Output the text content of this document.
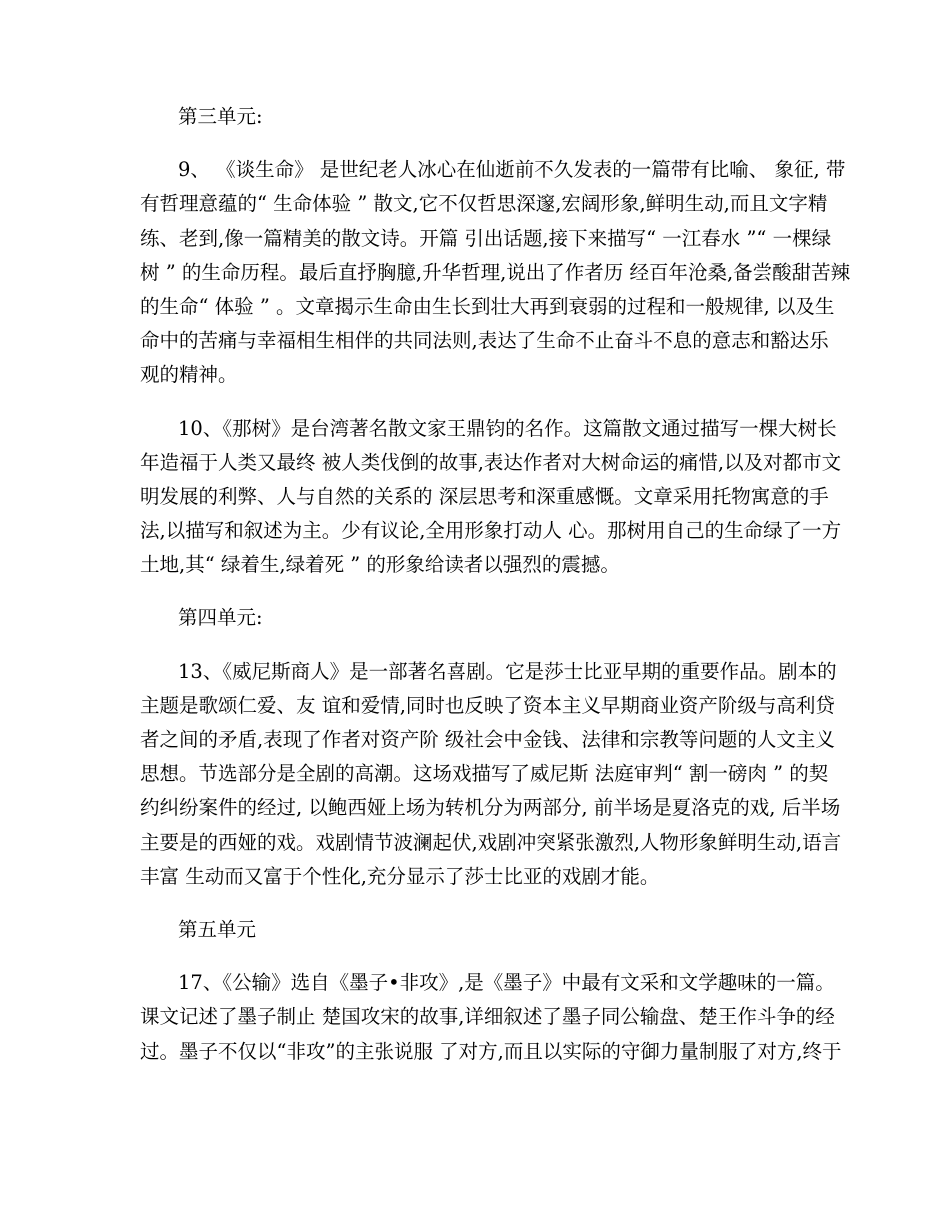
第三单元:
9、 《谈生命》 是世纪老人冰心在仙逝前不久发表的一篇带有比喻、 象征, 带
有哲理意蕴的“ 生命体验 ” 散文,它不仅哲思深邃,宏阔形象,鲜明生动,而且文字精
练、老到,像一篇精美的散文诗。开篇 引出话题,接下来描写“ 一江春水 ”“ 一棵绿
树 ” 的生命历程。最后直抒胸臆,升华哲理,说出了作者历 经百年沧桑,备尝酸甜苦辣
的生命“ 体验 ” 。文章揭示生命由生长到壮大再到衰弱的过程和一般规律, 以及生
命中的苦痛与幸福相生相伴的共同法则,表达了生命不止奋斗不息的意志和豁达乐
观的精神。
10、《那树》是台湾著名散文家王鼎钧的名作。这篇散文通过描写一棵大树长
年造福于人类又最终 被人类伐倒的故事,表达作者对大树命运的痛惜,以及对都市文
明发展的利弊、人与自然的关系的 深层思考和深重感慨。文章采用托物寓意的手
法,以描写和叙述为主。少有议论,全用形象打动人 心。那树用自己的生命绿了一方
土地,其“ 绿着生,绿着死 ” 的形象给读者以强烈的震撼。
第四单元:
13、《威尼斯商人》是一部著名喜剧。它是莎士比亚早期的重要作品。剧本的
主题是歌颂仁爱、友 谊和爱情,同时也反映了资本主义早期商业资产阶级与高利贷
者之间的矛盾,表现了作者对资产阶 级社会中金钱、法律和宗教等问题的人文主义
思想。节选部分是全剧的高潮。这场戏描写了威尼斯 法庭审判“ 割一磅肉 ” 的契
约纠纷案件的经过, 以鲍西娅上场为转机分为两部分, 前半场是夏洛克的戏, 后半场
主要是的西娅的戏。戏剧情节波澜起伏,戏剧冲突紧张激烈,人物形象鲜明生动,语言
丰富 生动而又富于个性化,充分显示了莎士比亚的戏剧才能。
第五单元
17、《公输》选自《墨子•非攻》,是《墨子》中最有文采和文学趣味的一篇。
课文记述了墨子制止 楚国攻宋的故事,详细叙述了墨子同公输盘、楚王作斗争的经
过。墨子不仅以“非攻”的主张说服 了对方,而且以实际的守御力量制服了对方,终于
